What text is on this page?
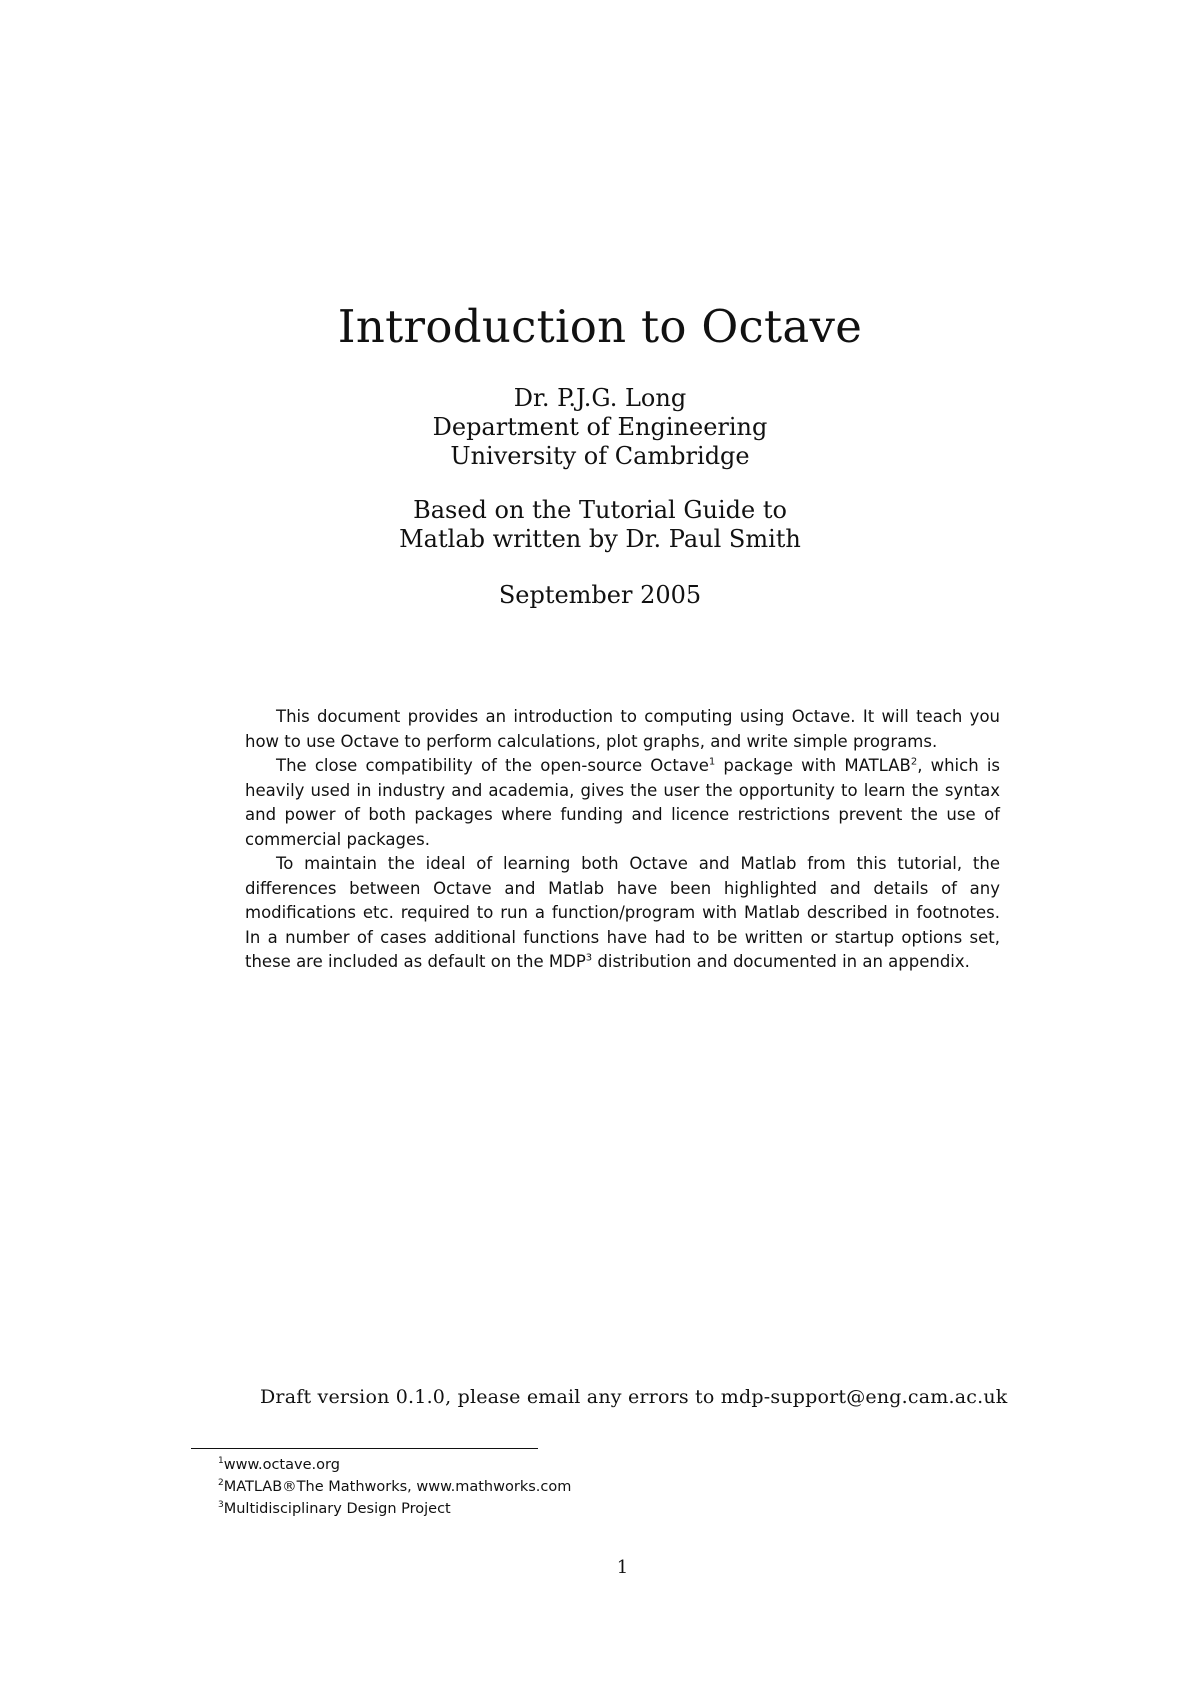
Introduction to Octave
Dr. P.J.G. Long
Department of Engineering
University of Cambridge
Based on the Tutorial Guide to
Matlab written by Dr. Paul Smith
September 2005

This document provides an introduction to computing using Octave. It will teach you how to use Octave to perform calculations, plot graphs, and write simple programs.

The close compatibility of the open-source Octave$^1$ package with MATLAB$^2$, which is heavily used in industry and academia, gives the user the opportunity to learn the syntax and power of both packages where funding and licence restrictions prevent the use of commercial packages.

To maintain the ideal of learning both Octave and Matlab from this tutorial, the differences between Octave and Matlab have been highlighted and details of any modifications etc. required to run a function/program with Matlab described in footnotes. In a number of cases additional functions have had to be written or startup options set, these are included as default on the MDP$^3$ distribution and documented in an appendix.

Draft version 0.1.0, please email any errors to mdp-support@eng.cam.ac.uk
$^1$www.octave.org
$^2$MATLAB®The Mathworks, www.mathworks.com
$^3$Multidisciplinary Design Project
1
